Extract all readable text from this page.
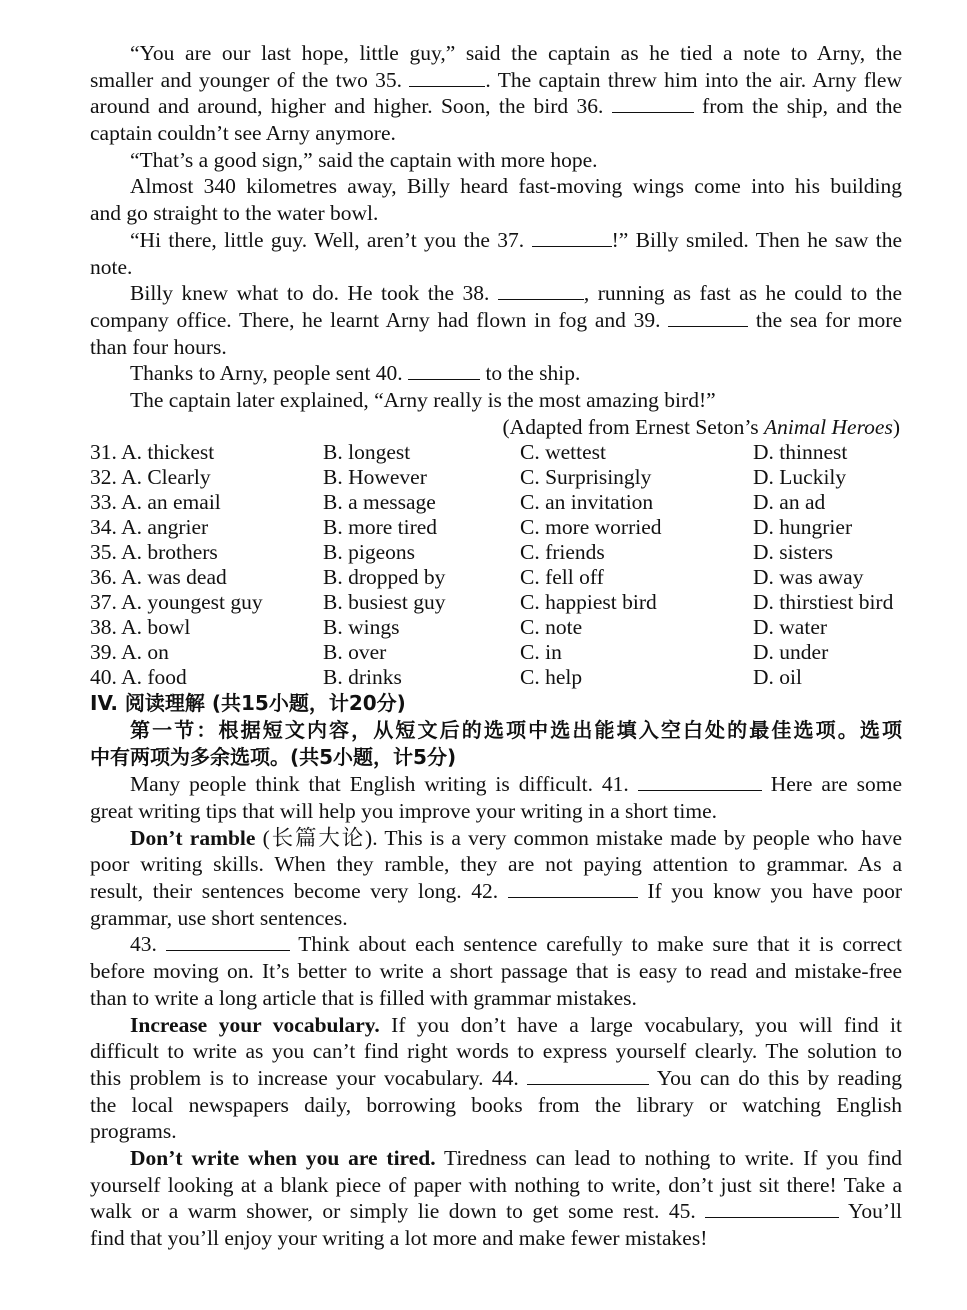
“You are our last hope, little guy,” said the captain as he tied a note to Arny, the
smaller and younger of the two 35.	. The captain threw him into the air. Arny flew
around and around, higher and higher. Soon, the bird 36.	from the ship, and the
captain couldn’t see Arny anymore.
“That’s a good sign,” said the captain with more hope.
Almost 340 kilometres away, Billy heard fast-moving wings come into his building
and go straight to the water bowl.
“Hi there, little guy. Well, aren’t you the 37.	!” Billy smiled. Then he saw the
note.
Billy knew what to do. He took the 38.	, running as fast as he could to the
company office. There, he learnt Arny had flown in fog and 39.	the sea for more
than four hours.
Thanks to Arny, people sent 40.	to the ship.
The captain later explained, “Arny really is the most amazing bird!”
(Adapted from Ernest Seton’s Animal Heroes)
31. A. thickest	B. longest	C. wettest	D. thinnest
32. A. Clearly	B. However	C. Surprisingly	D. Luckily
33. A. an email	B. a message	C. an invitation	D. an ad
34. A. angrier	B. more tired	C. more worried	D. hungrier
35. A. brothers	B. pigeons	C. friends	D. sisters
36. A. was dead	B. dropped by	C. fell off	D. was away
37. A. youngest guy	B. busiest guy	C. happiest bird	D. thirstiest bird
38. A. bowl	B. wings	C. note	D. water
39. A. on	B. over	C. in	D. under
40. A. food	B. drinks	C. help	D. oil
IV. 阅读理解 (共15小题，计20分)
第一节：根据短文内容，从短文后的选项中选出能填入空白处的最佳选项。选项
中有两项为多余选项。(共5小题，计5分)
Many people think that English writing is difficult. 41.	Here are some
great writing tips that will help you improve your writing in a short time.
Don’t ramble (长篇大论). This is a very common mistake made by people who have
poor writing skills. When they ramble, they are not paying attention to grammar. As a
result, their sentences become very long. 42.	If you know you have poor
grammar, use short sentences.
43.	Think about each sentence carefully to make sure that it is correct
before moving on. It’s better to write a short passage that is easy to read and mistake-free
than to write a long article that is filled with grammar mistakes.
Increase your vocabulary. If you don’t have a large vocabulary, you will find it
difficult to write as you can’t find right words to express yourself clearly. The solution to
this problem is to increase your vocabulary. 44.	You can do this by reading
the local newspapers daily, borrowing books from the library or watching English
programs.
Don’t write when you are tired. Tiredness can lead to nothing to write. If you find
yourself looking at a blank piece of paper with nothing to write, don’t just sit there! Take a
walk or a warm shower, or simply lie down to get some rest. 45.	You’ll
find that you’ll enjoy your writing a lot more and make fewer mistakes!
